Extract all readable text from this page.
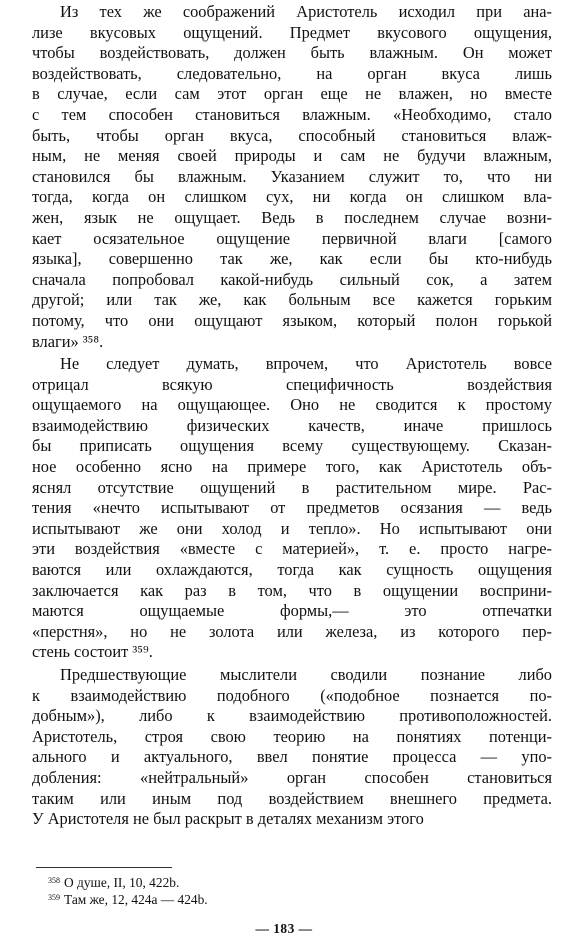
Из тех же соображений Аристотель исходил при ана-
лизе вкусовых ощущений. Предмет вкусового ощущения,
чтобы воздействовать, должен быть влажным. Он может
воздействовать, следовательно, на орган вкуса лишь
в случае, если сам этот орган еще не влажен, но вместе
с тем способен становиться влажным. «Необходимо, стало
быть, чтобы орган вкуса, способный становиться влаж-
ным, не меняя своей природы и сам не будучи влажным,
становился бы влажным. Указанием служит то, что ни
тогда, когда он слишком сух, ни когда он слишком вла-
жен, язык не ощущает. Ведь в последнем случае возни-
кает осязательное ощущение первичной влаги [самого
языка], совершенно так же, как если бы кто-нибудь
сначала попробовал какой-нибудь сильный сок, а затем
другой; или так же, как больным все кажется горьким
потому, что они ощущают языком, который полон горькой
влаги» ³⁵⁸.
Не следует думать, впрочем, что Аристотель вовсе
отрицал всякую специфичность воздействия
ощущаемого на ощущающее. Оно не сводится к простому
взаимодействию физических качеств, иначе пришлось
бы приписать ощущения всему существующему. Сказан-
ное особенно ясно на примере того, как Аристотель объ-
яснял отсутствие ощущений в растительном мире. Рас-
тения «нечто испытывают от предметов осязания — ведь
испытывают же они холод и тепло». Но испытывают они
эти воздействия «вместе с материей», т. е. просто нагре-
ваются или охлаждаются, тогда как сущность ощущения
заключается как раз в том, что в ощущении восприни-
маются ощущаемые формы,— это отпечатки
«перстня», но не золота или железа, из которого пер-
стень состоит ³⁵⁹.
Предшествующие мыслители сводили познание либо
к взаимодействию подобного («подобное познается по-
добным»), либо к взаимодействию противоположностей.
Аристотель, строя свою теорию на понятиях потенци-
ального и актуального, ввел понятие процесса — упо-
добления: «нейтральный» орган способен становиться
таким или иным под воздействием внешнего предмета.
У Аристотеля не был раскрыт в деталях механизм этого
$^{358}$ О душе, II, 10, 422b.
$^{359}$ Там же, 12, 424a — 424b.
— 183 —
